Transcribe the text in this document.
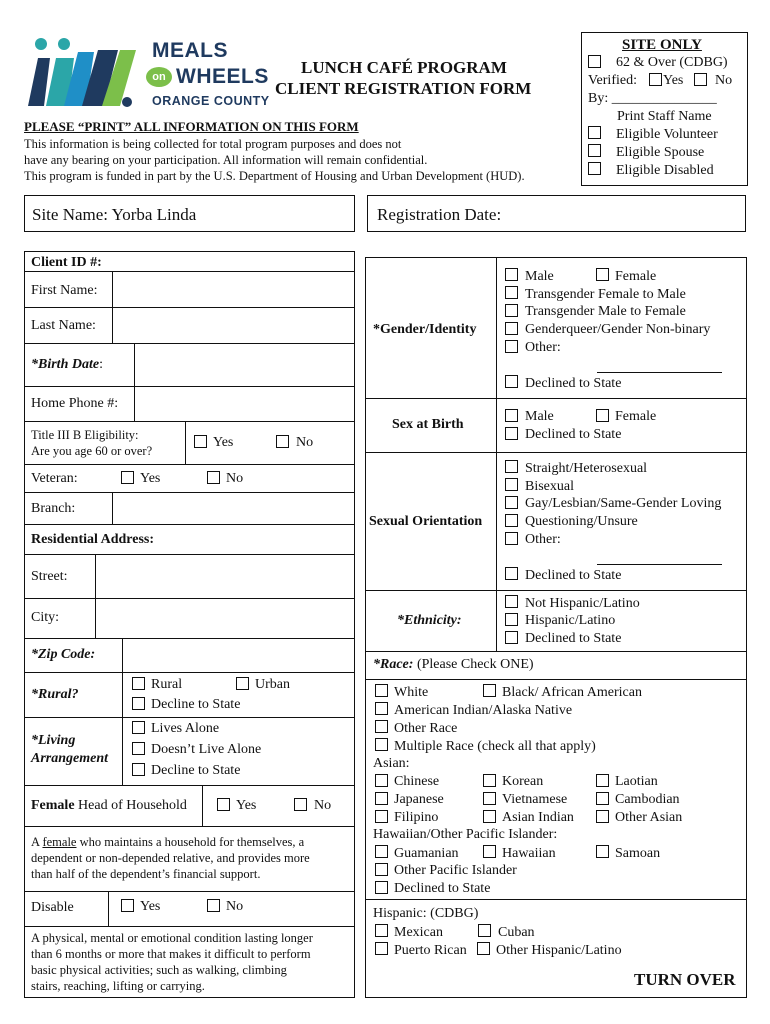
MEALS
on WHEELS
ORANGE COUNTY
LUNCH CAFÉ PROGRAM
CLIENT REGISTRATION FORM
SITE ONLY
62 & Over (CDBG)
Verified: Yes No
By: _______________
Print Staff Name
Eligible Volunteer
Eligible Spouse
Eligible Disabled
PLEASE “PRINT” ALL INFORMATION ON THIS FORM
This information is being collected for total program purposes and does not
have any bearing on your participation. All information will remain confidential.
This program is funded in part by the U.S. Department of Housing and Urban Development (HUD).
Site Name: Yorba Linda	Registration Date:
Client ID #:
First Name:
Last Name:
*Birth Date:
Home Phone #:
Title III B Eligibility:
Are you age 60 or over?
Yes	No
Veteran:	Yes	No
Branch:
Residential Address:
Street:
City:
*Zip Code:
*Rural?
Rural	Urban
Decline to State
*Living
Arrangement
Lives Alone
Doesn’t Live Alone
Decline to State
Female Head of Household	Yes	No
A female who maintains a household for themselves, a
dependent or non-depended relative, and provides more
than half of the dependent’s financial support.
Disable	Yes	No
A physical, mental or emotional condition lasting longer
than 6 months or more that makes it difficult to perform
basic physical activities; such as walking, climbing
stairs, reaching, lifting or carrying.
*Gender/Identity
Male	Female
Transgender Female to Male
Transgender Male to Female
Genderqueer/Gender Non-binary
Other:
Declined to State
Sex at Birth
Male	Female
Declined to State
Sexual Orientation
Straight/Heterosexual
Bisexual
Gay/Lesbian/Same-Gender Loving
Questioning/Unsure
Other:
Declined to State
*Ethnicity:
Not Hispanic/Latino
Hispanic/Latino
Declined to State
*Race: (Please Check ONE)
White	Black/ African American
American Indian/Alaska Native
Other Race
Multiple Race (check all that apply)
Asian:
Chinese	Korean	Laotian
Japanese	Vietnamese	Cambodian
Filipino	Asian Indian	Other Asian
Hawaiian/Other Pacific Islander:
Guamanian	Hawaiian	Samoan
Other Pacific Islander
Declined to State
Hispanic: (CDBG)
Mexican	Cuban
Puerto Rican Other Hispanic/Latino
TURN OVER
